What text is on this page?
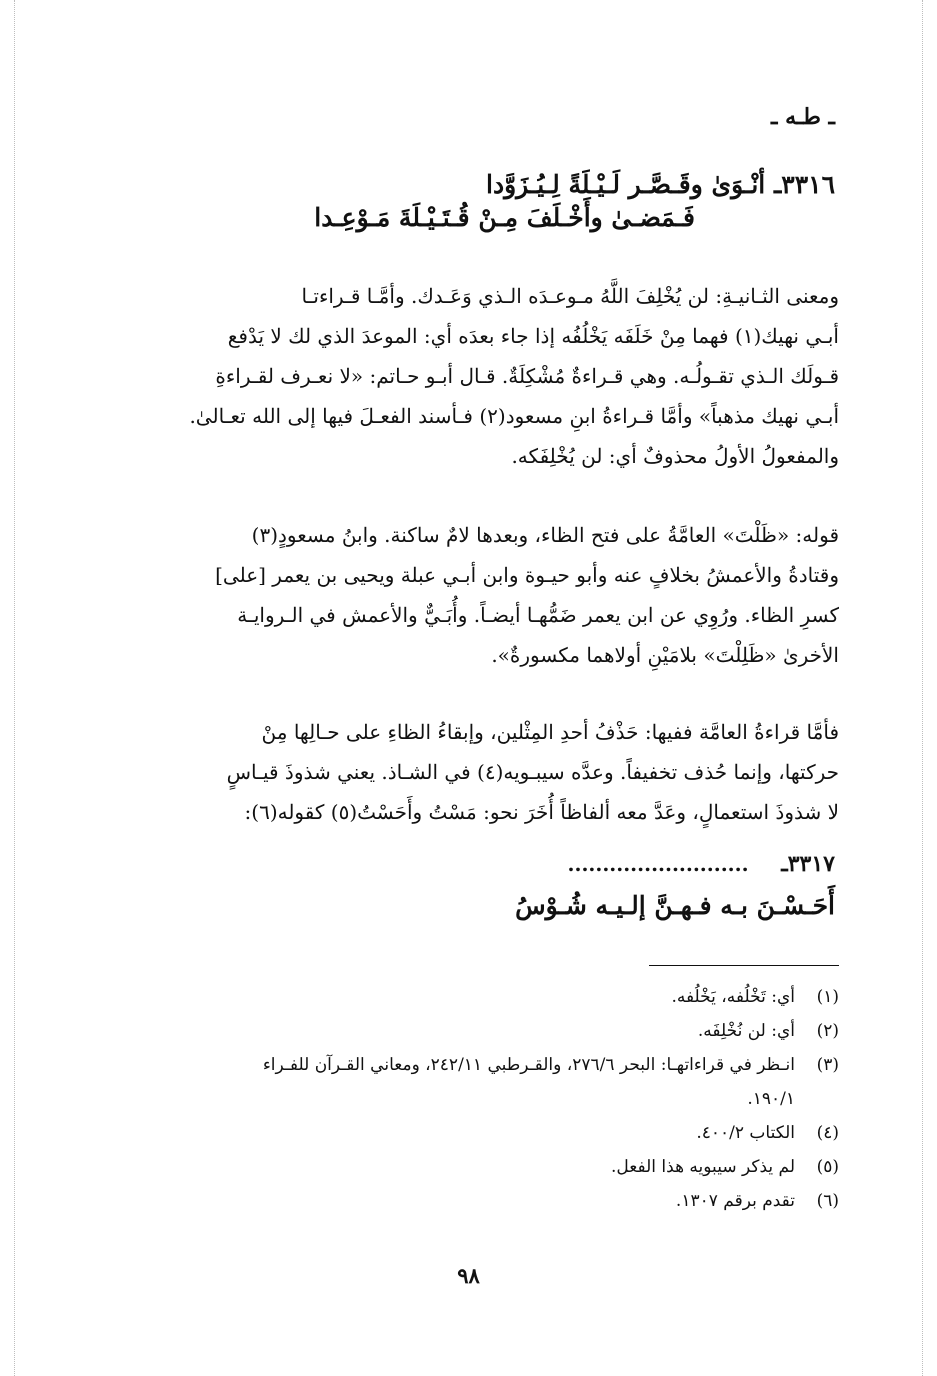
ـ طـه ـ
٣٣١٦ـ أنْـوَىٰ وقَـصَّـر لَـيْـلَةً لِـيُـزَوَّدا
فَـمَضـىٰ وأَخْـلَفَ مِـنْ قُـتَـيْـلَةَ مَـوْعِـدا
ومعنى الثـانيـةِ: لن يُخْلِفَ اللَّهُ مـوعـدَه الـذي وَعَـدك. وأمَّـا قـراءتـا
أبـي نهيك(١) فهما مِنْ خَلَفَه يَخْلُفُه إذا جاء بعدَه أي: الموعدَ الذي لك لا يَدْفع
قـولَك الـذي تقـولُـه. وهي قـراءةٌ مُشْكِلَةٌ. قـال أبـو حـاتم: «لا نعـرف لقـراءةِ
أبـي نهيك مذهباً» وأمَّا قـراءةُ ابنِ مسعود(٢) فـأسند الفعـلَ فيها إلى الله تعـالىٰ.
والمفعولُ الأولُ محذوفٌ أي: لن يُخْلِفَكه.
قوله: «ظَلْتَ» العامَّةُ على فتح الظاء، وبعدها لامٌ ساكنة. وابنُ مسعودٍ(٣)
وقتادةُ والأعمشُ بخلافٍ عنه وأبو حيـوة وابن أبـي عبلة ويحيى بن يعمر [على]
كسرِ الظاء. ورُوِي عن ابن يعمر ضَمُّهـا أيضـاً. وأُبَـيٌّ والأعمش في الـروايـة
الأخرىٰ «ظَلِلْتَ» بلامَيْنِ أولاهما مكسورةٌ».
فأمَّا قراءةُ العامَّة ففيها: حَذْفُ أحدِ المِثْلين، وإبقاءُ الظاءِ على حـالِها مِنْ
حركتها، وإنما حُذف تخفيفاً. وعدَّه سيبـويه(٤) في الشـاذ. يعني شذوذَ قيـاسٍ
لا شذوذَ استعمالٍ، وعَدَّ معه ألفاظاً أُخَرَ نحو: مَسْتُ وأَحَسْتُ(٥) كقوله(٦):
٣٣١٧ـ ..........................
أَحَـسْـنَ بـه فـهـنَّ إلـيـه شُـوْسُ
(١)
أي: تَخْلُفه، يَخْلُفه.
(٢)
أي: لن نُخْلِفَه.
(٣)
انـظر في قراءاتهـا: البحر ٢٧٦/٦، والقـرطبي ٢٤٢/١١، ومعاني القـرآن للفـراء
١٩٠/١.
(٤)
الكتاب ٤٠٠/٢.
(٥)
لم يذكر سيبويه هذا الفعل.
(٦)
تقدم برقم ١٣٠٧.
٩٨
